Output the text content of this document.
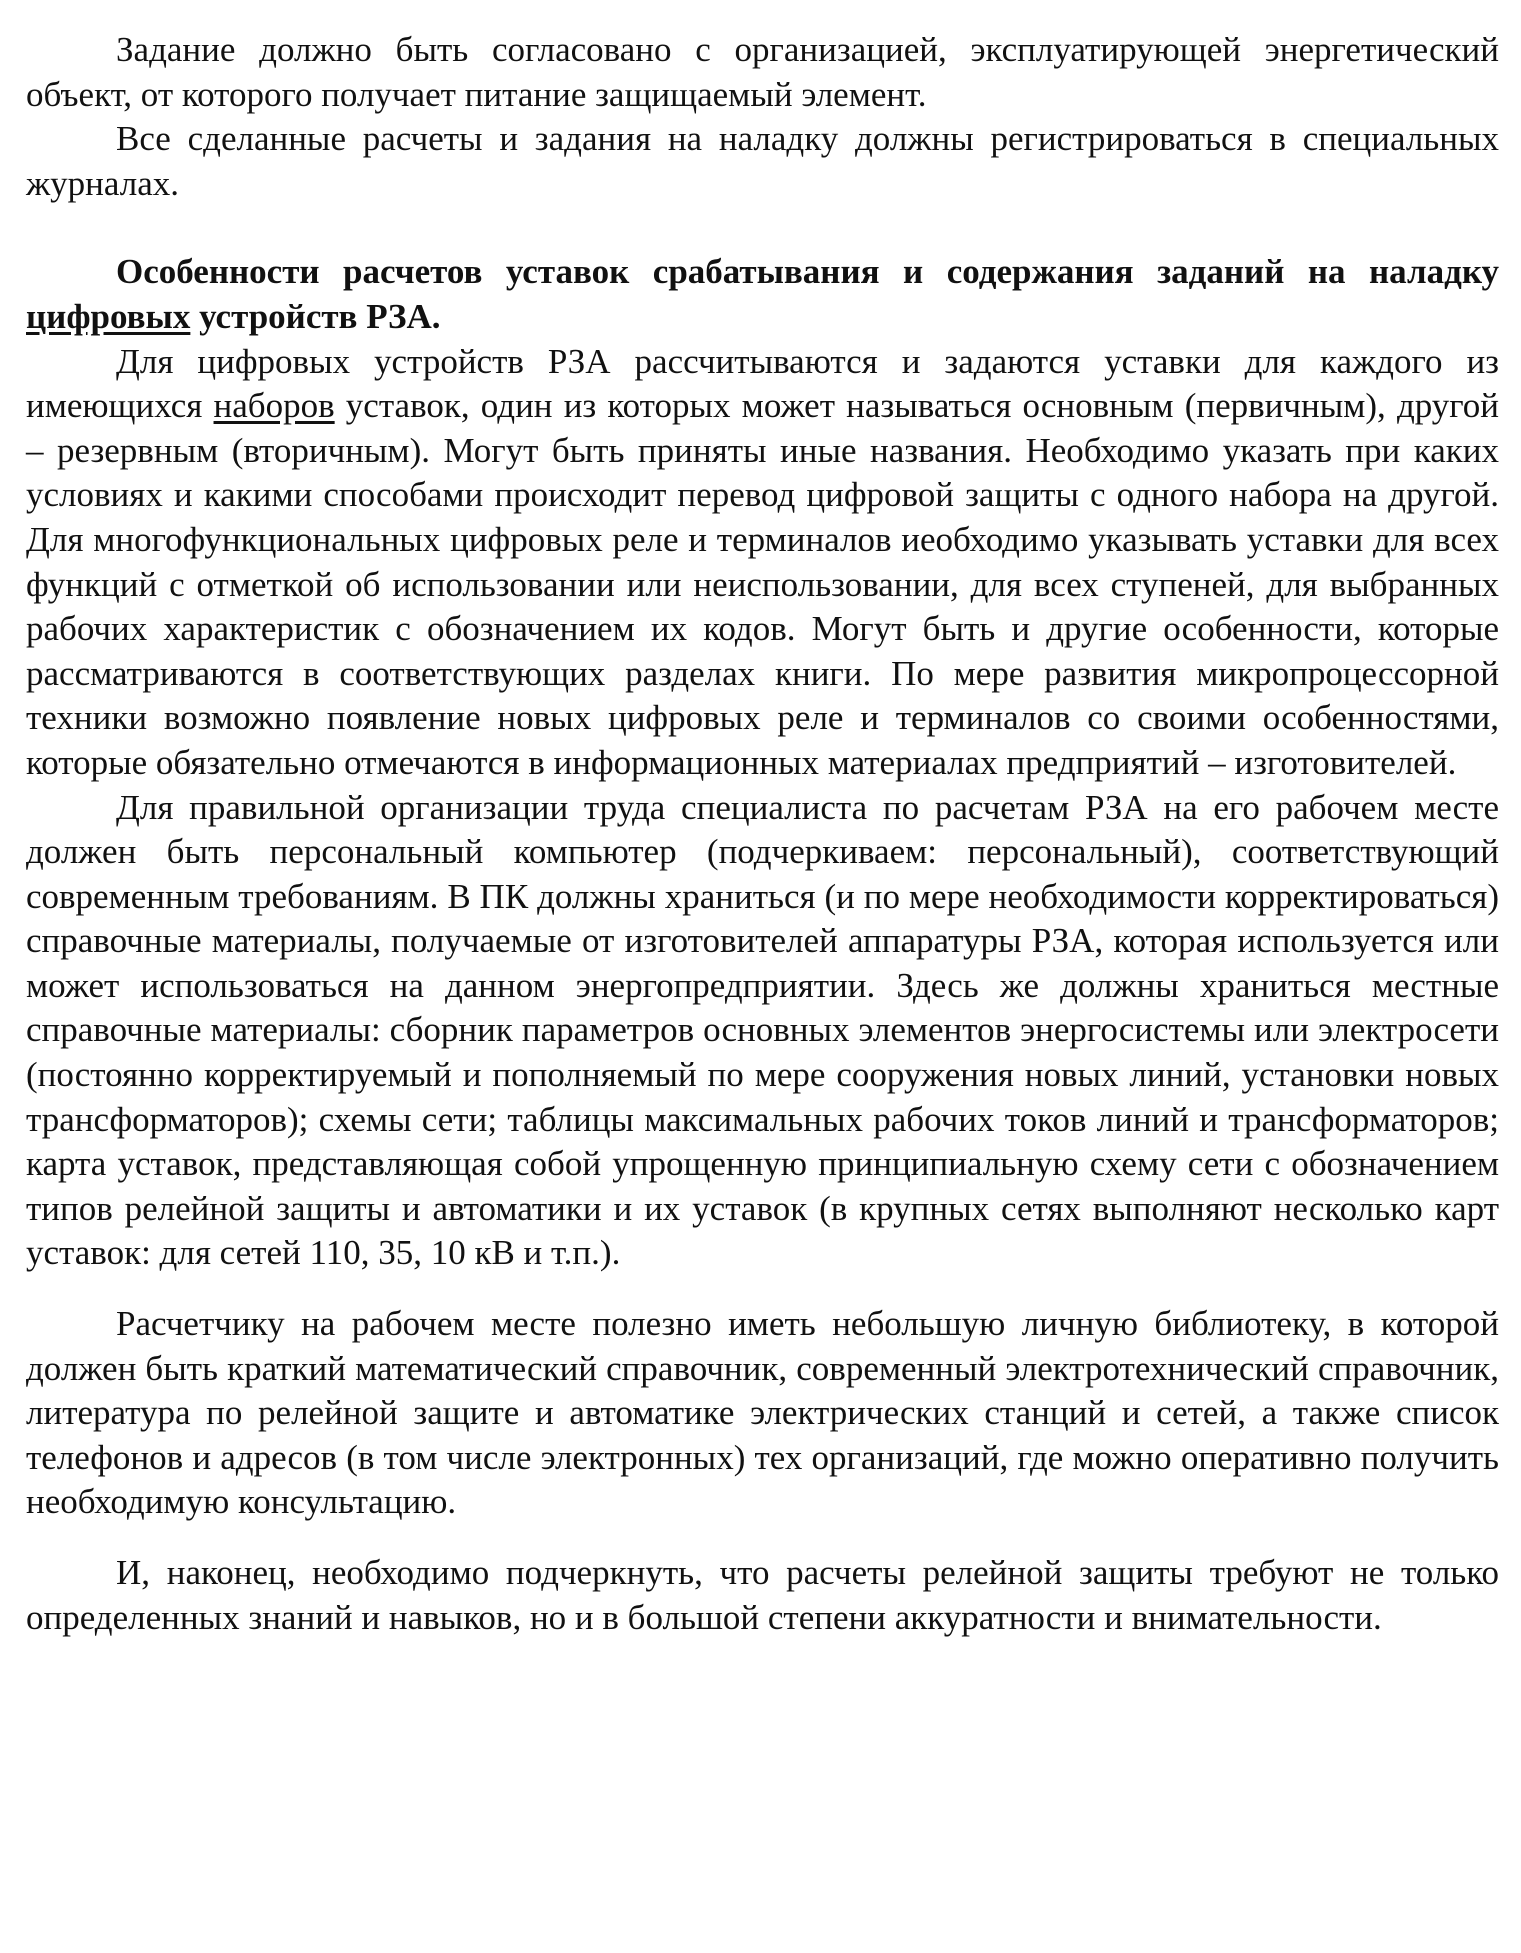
Задание должно быть согласовано с организацией, эксплуатирующей энергетический объект, от которого получает питание защищаемый элемент.

Все сделанные расчеты и задания на наладку должны регистрироваться в специальных журналах.

Особенности расчетов уставок срабатывания и содержания заданий на наладку цифровых устройств РЗА.

Для цифровых устройств РЗА рассчитываются и задаются уставки для каждого из имеющихся наборов уставок, один из которых может называться основным (первичным), другой – резервным (вторичным). Могут быть приняты иные названия. Необходимо указать при каких условиях и какими способами происходит перевод цифровой защиты с одного набора на другой. Для многофункциональных цифровых реле и терминалов иеобходимо указывать уставки для всех функций с отметкой об использовании или неиспользовании, для всех ступеней, для выбранных рабочих характеристик с обозначением их кодов. Могут быть и другие особенности, которые рассматриваются в соответствующих разделах книги. По мере развития микропроцессорной техники возможно появление новых цифровых реле и терминалов со своими особенностями, которые обязательно отмечаются в информационных материалах предприятий – изготовителей.

Для правильной организации труда специалиста по расчетам РЗА на его рабочем месте должен быть персональный компьютер (подчеркиваем: персональный), соответствующий современным требованиям. В ПК должны храниться (и по мере необходимости корректироваться) справочные материалы, получаемые от изготовителей аппаратуры РЗА, которая используется или может использоваться на данном энергопредприятии. Здесь же должны храниться местные справочные материалы: сборник параметров основных элементов энергосистемы или электросети (постоянно корректируемый и пополняемый по мере сооружения новых линий, установки новых трансформаторов); схемы сети; таблицы максимальных рабочих токов линий и трансформаторов; карта уставок, представляющая собой упрощенную принципиальную схему сети с обозначением типов релейной защиты и автоматики и их уставок (в крупных сетях выполняют несколько карт уставок: для сетей 110, 35, 10 кВ и т.п.).

Расчетчику на рабочем месте полезно иметь небольшую личную библиотеку, в которой должен быть краткий математический справочник, современный электротехнический справочник, литература по релейной защите и автоматике электрических станций и сетей, а также список телефонов и адресов (в том числе электронных) тех организаций, где можно оперативно получить необходимую консультацию.

И, наконец, необходимо подчеркнуть, что расчеты релейной защиты требуют не только определенных знаний и навыков, но и в большой степени аккуратности и внимательности.
